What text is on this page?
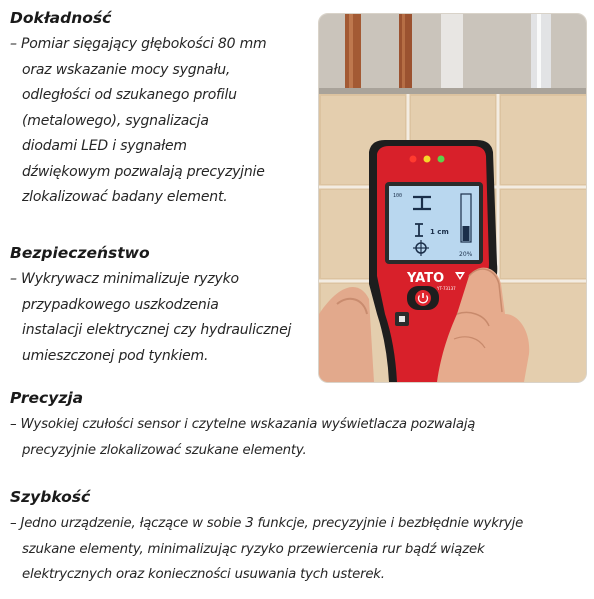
Dokładność
– Pomiar sięgający głębokości 80 mm
oraz wskazanie mocy sygnału,
odległości od szukanego profilu
(metalowego), sygnalizacja
diodami LED i sygnałem
dźwiękowym pozwalają precyzyjnie
zlokalizować badany element.
Bezpieczeństwo
– Wykrywacz minimalizuje ryzyko
przypadkowego uszkodzenia
instalacji elektrycznej czy hydraulicznej
umieszczonej pod tynkiem.
Precyzja
– Wysokiej czułości sensor i czytelne wskazania wyświetlacza pozwalają
precyzyjnie zlokalizować szukane elementy.
Szybkość
– Jedno urządzenie, łączące w sobie 3 funkcje, precyzyjnie i bezbłędnie wykryje
szukane elementy, minimalizując ryzyko przewiercenia rur bądź wiązek
elektrycznych oraz konieczności usuwania tych usterek.
100
1 cm
20%
YATO
YT-73137
